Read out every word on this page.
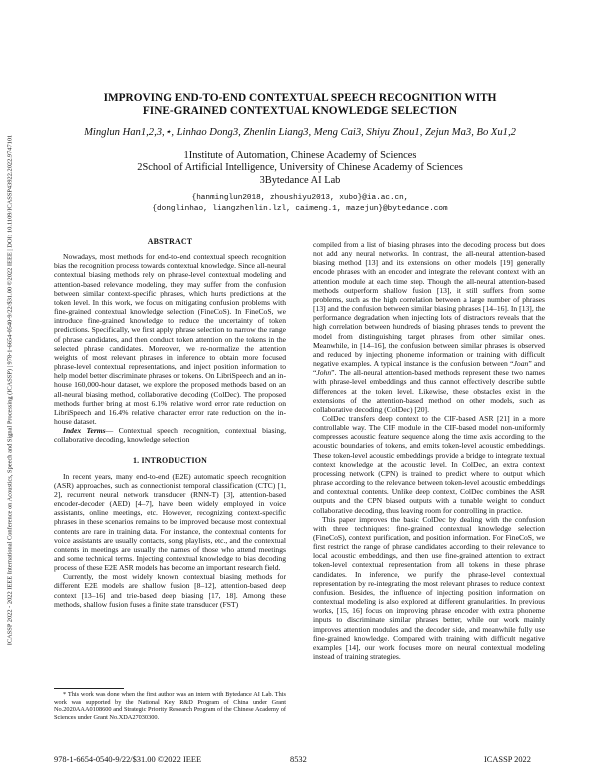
ICASSP 2022 - 2022 IEEE International Conference on Acoustics, Speech and Signal Processing (ICASSP) | 978-1-6654-0540-9/22/$31.00 ©2022 IEEE | DOI: 10.1109/ICASSP43922.2022.9747101
IMPROVING END-TO-END CONTEXTUAL SPEECH RECOGNITION WITH
FINE-GRAINED CONTEXTUAL KNOWLEDGE SELECTION
Minglun Han1,2,3,⋆, Linhao Dong3, Zhenlin Liang3, Meng Cai3, Shiyu Zhou1, Zejun Ma3, Bo Xu1,2
1Institute of Automation, Chinese Academy of Sciences
2School of Artificial Intelligence, University of Chinese Academy of Sciences
3Bytedance AI Lab
{hanminglun2018, zhoushiyu2013, xubo}@ia.ac.cn,
{donglinhao, liangzhenlin.lzl, caimeng.1, mazejun}@bytedance.com
ABSTRACT

Nowadays, most methods for end-to-end contextual speech recognition bias the recognition process towards contextual knowledge. Since all-neural contextual biasing methods rely on phrase-level contextual modeling and attention-based relevance modeling, they may suffer from the confusion between similar context-specific phrases, which hurts predictions at the token level. In this work, we focus on mitigating confusion problems with fine-grained contextual knowledge selection (FineCoS). In FineCoS, we introduce fine-grained knowledge to reduce the uncertainty of token predictions. Specifically, we first apply phrase selection to narrow the range of phrase candidates, and then conduct token attention on the tokens in the selected phrase candidates. Moreover, we re-normalize the attention weights of most relevant phrases in inference to obtain more focused phrase-level contextual representations, and inject position information to help model better discriminate phrases or tokens. On LibriSpeech and an in-house 160,000-hour dataset, we explore the proposed methods based on an all-neural biasing method, collaborative decoding (ColDec). The proposed methods further bring at most 6.1% relative word error rate reduction on LibriSpeech and 16.4% relative character error rate reduction on the in-house dataset.

Index Terms— Contextual speech recognition, contextual biasing, collaborative decoding, knowledge selection

1. INTRODUCTION

In recent years, many end-to-end (E2E) automatic speech recognition (ASR) approaches, such as connectionist temporal classification (CTC) [1, 2], recurrent neural network transducer (RNN-T) [3], attention-based encoder-decoder (AED) [4–7], have been widely employed in voice assistants, online meetings, etc. However, recognizing context-specific phrases in these scenarios remains to be improved because most contextual contents are rare in training data. For instance, the contextual contents for voice assistants are usually contacts, song playlists, etc., and the contextual contents in meetings are usually the names of those who attend meetings and some technical terms. Injecting contextual knowledge to bias decoding process of these E2E ASR models has become an important research field.

Currently, the most widely known contextual biasing methods for different E2E models are shallow fusion [8–12], attention-based deep context [13–16] and trie-based deep biasing [17, 18]. Among these methods, shallow fusion fuses a finite state transducer (FST)

* This work was done when the first author was an intern with Bytedance AI Lab. This work was supported by the National Key R&D Program of China under Grant No.2020AAA0108600 and Strategic Priority Research Program of the Chinese Academy of Sciences under Grant No.XDA27030300.

compiled from a list of biasing phrases into the decoding process but does not add any neural networks. In contrast, the all-neural attention-based biasing method [13] and its extensions on other models [19] generally encode phrases with an encoder and integrate the relevant context with an attention module at each time step. Though the all-neural attention-based methods outperform shallow fusion [13], it still suffers from some problems, such as the high correlation between a large number of phrases [13] and the confusion between similar biasing phrases [14–16]. In [13], the performance degradation when injecting lots of distractors reveals that the high correlation between hundreds of biasing phrases tends to prevent the model from distinguishing target phrases from other similar ones. Meanwhile, in [14–16], the confusion between similar phrases is observed and reduced by injecting phoneme information or training with difficult negative examples. A typical instance is the confusion between “Joan” and “John”. The all-neural attention-based methods represent these two names with phrase-level embeddings and thus cannot effectively describe subtle differences at the token level. Likewise, these obstacles exist in the extensions of the attention-based method on other models, such as collaborative decoding (ColDec) [20].

ColDec transfers deep context to the CIF-based ASR [21] in a more controllable way. The CIF module in the CIF-based model non-uniformly compresses acoustic feature sequence along the time axis according to the acoustic boundaries of tokens, and emits token-level acoustic embeddings. These token-level acoustic embeddings provide a bridge to integrate textual context knowledge at the acoustic level. In ColDec, an extra context processing network (CPN) is trained to predict where to output which phrase according to the relevance between token-level acoustic embeddings and contextual contents. Unlike deep context, ColDec combines the ASR outputs and the CPN biased outputs with a tunable weight to conduct collaborative decoding, thus leaving room for controlling in practice.

This paper improves the basic ColDec by dealing with the confusion with three techniques: fine-grained contextual knowledge selection (FineCoS), context purification, and position information. For FineCoS, we first restrict the range of phrase candidates according to their relevance to local acoustic embeddings, and then use fine-grained attention to extract token-level contextual representation from all tokens in these phrase candidates. In inference, we purify the phrase-level contextual representation by re-integrating the most relevant phrases to reduce context confusion. Besides, the influence of injecting position information on contextual modeling is also explored at different granularities. In previous works, [15, 16] focus on improving phrase encoder with extra phoneme inputs to discriminate similar phrases better, while our work mainly improves attention modules and the decoder side, and meanwhile fully use fine-grained knowledge. Compared with training with difficult negative examples [14], our work focuses more on neural contextual modeling instead of training strategies.

978-1-6654-0540-9/22/$31.00 ©2022 IEEE	8532	ICASSP 2022
